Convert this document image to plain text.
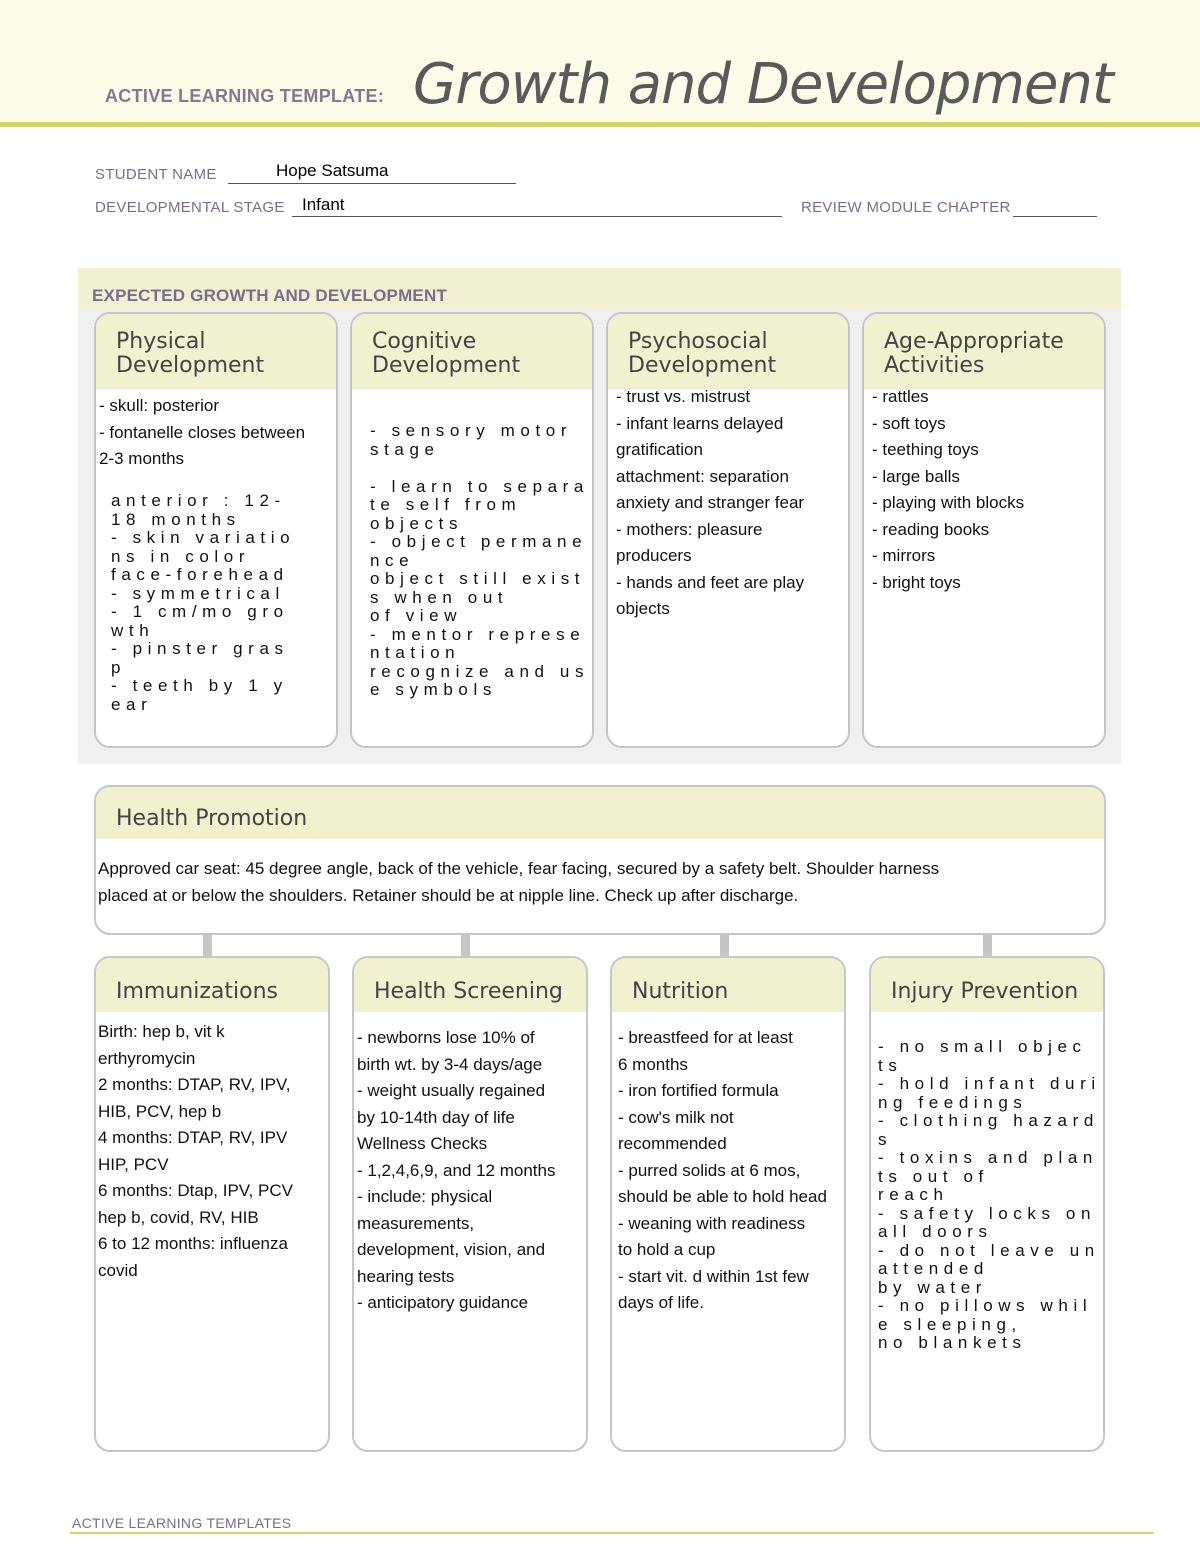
ACTIVE LEARNING TEMPLATE: Growth and Development
STUDENT NAME	Hope Satsuma
DEVELOPMENTAL STAGE Infant	REVIEW MODULE CHAPTER
EXPECTED GROWTH AND DEVELOPMENT
Physical
Development
- skull: posterior
- fontanelle closes between
2-3 months
anterior : 12-
18 months
- skin variatio
ns in color
face-forehead
- symmetrical
- 1 cm/mo gro
wth
- pinster gras
p
- teeth by 1 y
ear
Cognitive
Development
- sensory motor
stage

- learn to separa
te self from
objects
- object permane
nce
object still exist
s when out
of view
- mentor represe
ntation
recognize and us
e symbols
Psychosocial
Development
- trust vs. mistrust
- infant learns delayed
gratification
attachment: separation
anxiety and stranger fear
- mothers: pleasure
producers
- hands and feet are play
objects
Age-Appropriate
Activities
- rattles
- soft toys
- teething toys
- large balls
- playing with blocks
- reading books
- mirrors
- bright toys
Health Promotion
Approved car seat: 45 degree angle, back of the vehicle, fear facing, secured by a safety belt. Shoulder harness
placed at or below the shoulders. Retainer should be at nipple line. Check up after discharge.
Immunizations
Birth: hep b, vit k
erthyromycin
2 months: DTAP, RV, IPV,
HIB, PCV, hep b
4 months: DTAP, RV, IPV
HIP, PCV
6 months: Dtap, IPV, PCV
hep b, covid, RV, HIB
6 to 12 months: influenza
covid
Health Screening
- newborns lose 10% of
birth wt. by 3-4 days/age
- weight usually regained
by 10-14th day of life
Wellness Checks
- 1,2,4,6,9, and 12 months
- include: physical
measurements,
development, vision, and
hearing tests
- anticipatory guidance
Nutrition
- breastfeed for at least
6 months
- iron fortified formula
- cow's milk not
recommended
- purred solids at 6 mos,
should be able to hold head
- weaning with readiness
to hold a cup
- start vit. d within 1st few
days of life.
Injury Prevention
- no small objec
ts
- hold infant duri
ng feedings
- clothing hazard
s
- toxins and plan
ts out of
reach
- safety locks on
all doors
- do not leave un
attended
by water
- no pillows whil
e sleeping,
no blankets
ACTIVE LEARNING TEMPLATES
